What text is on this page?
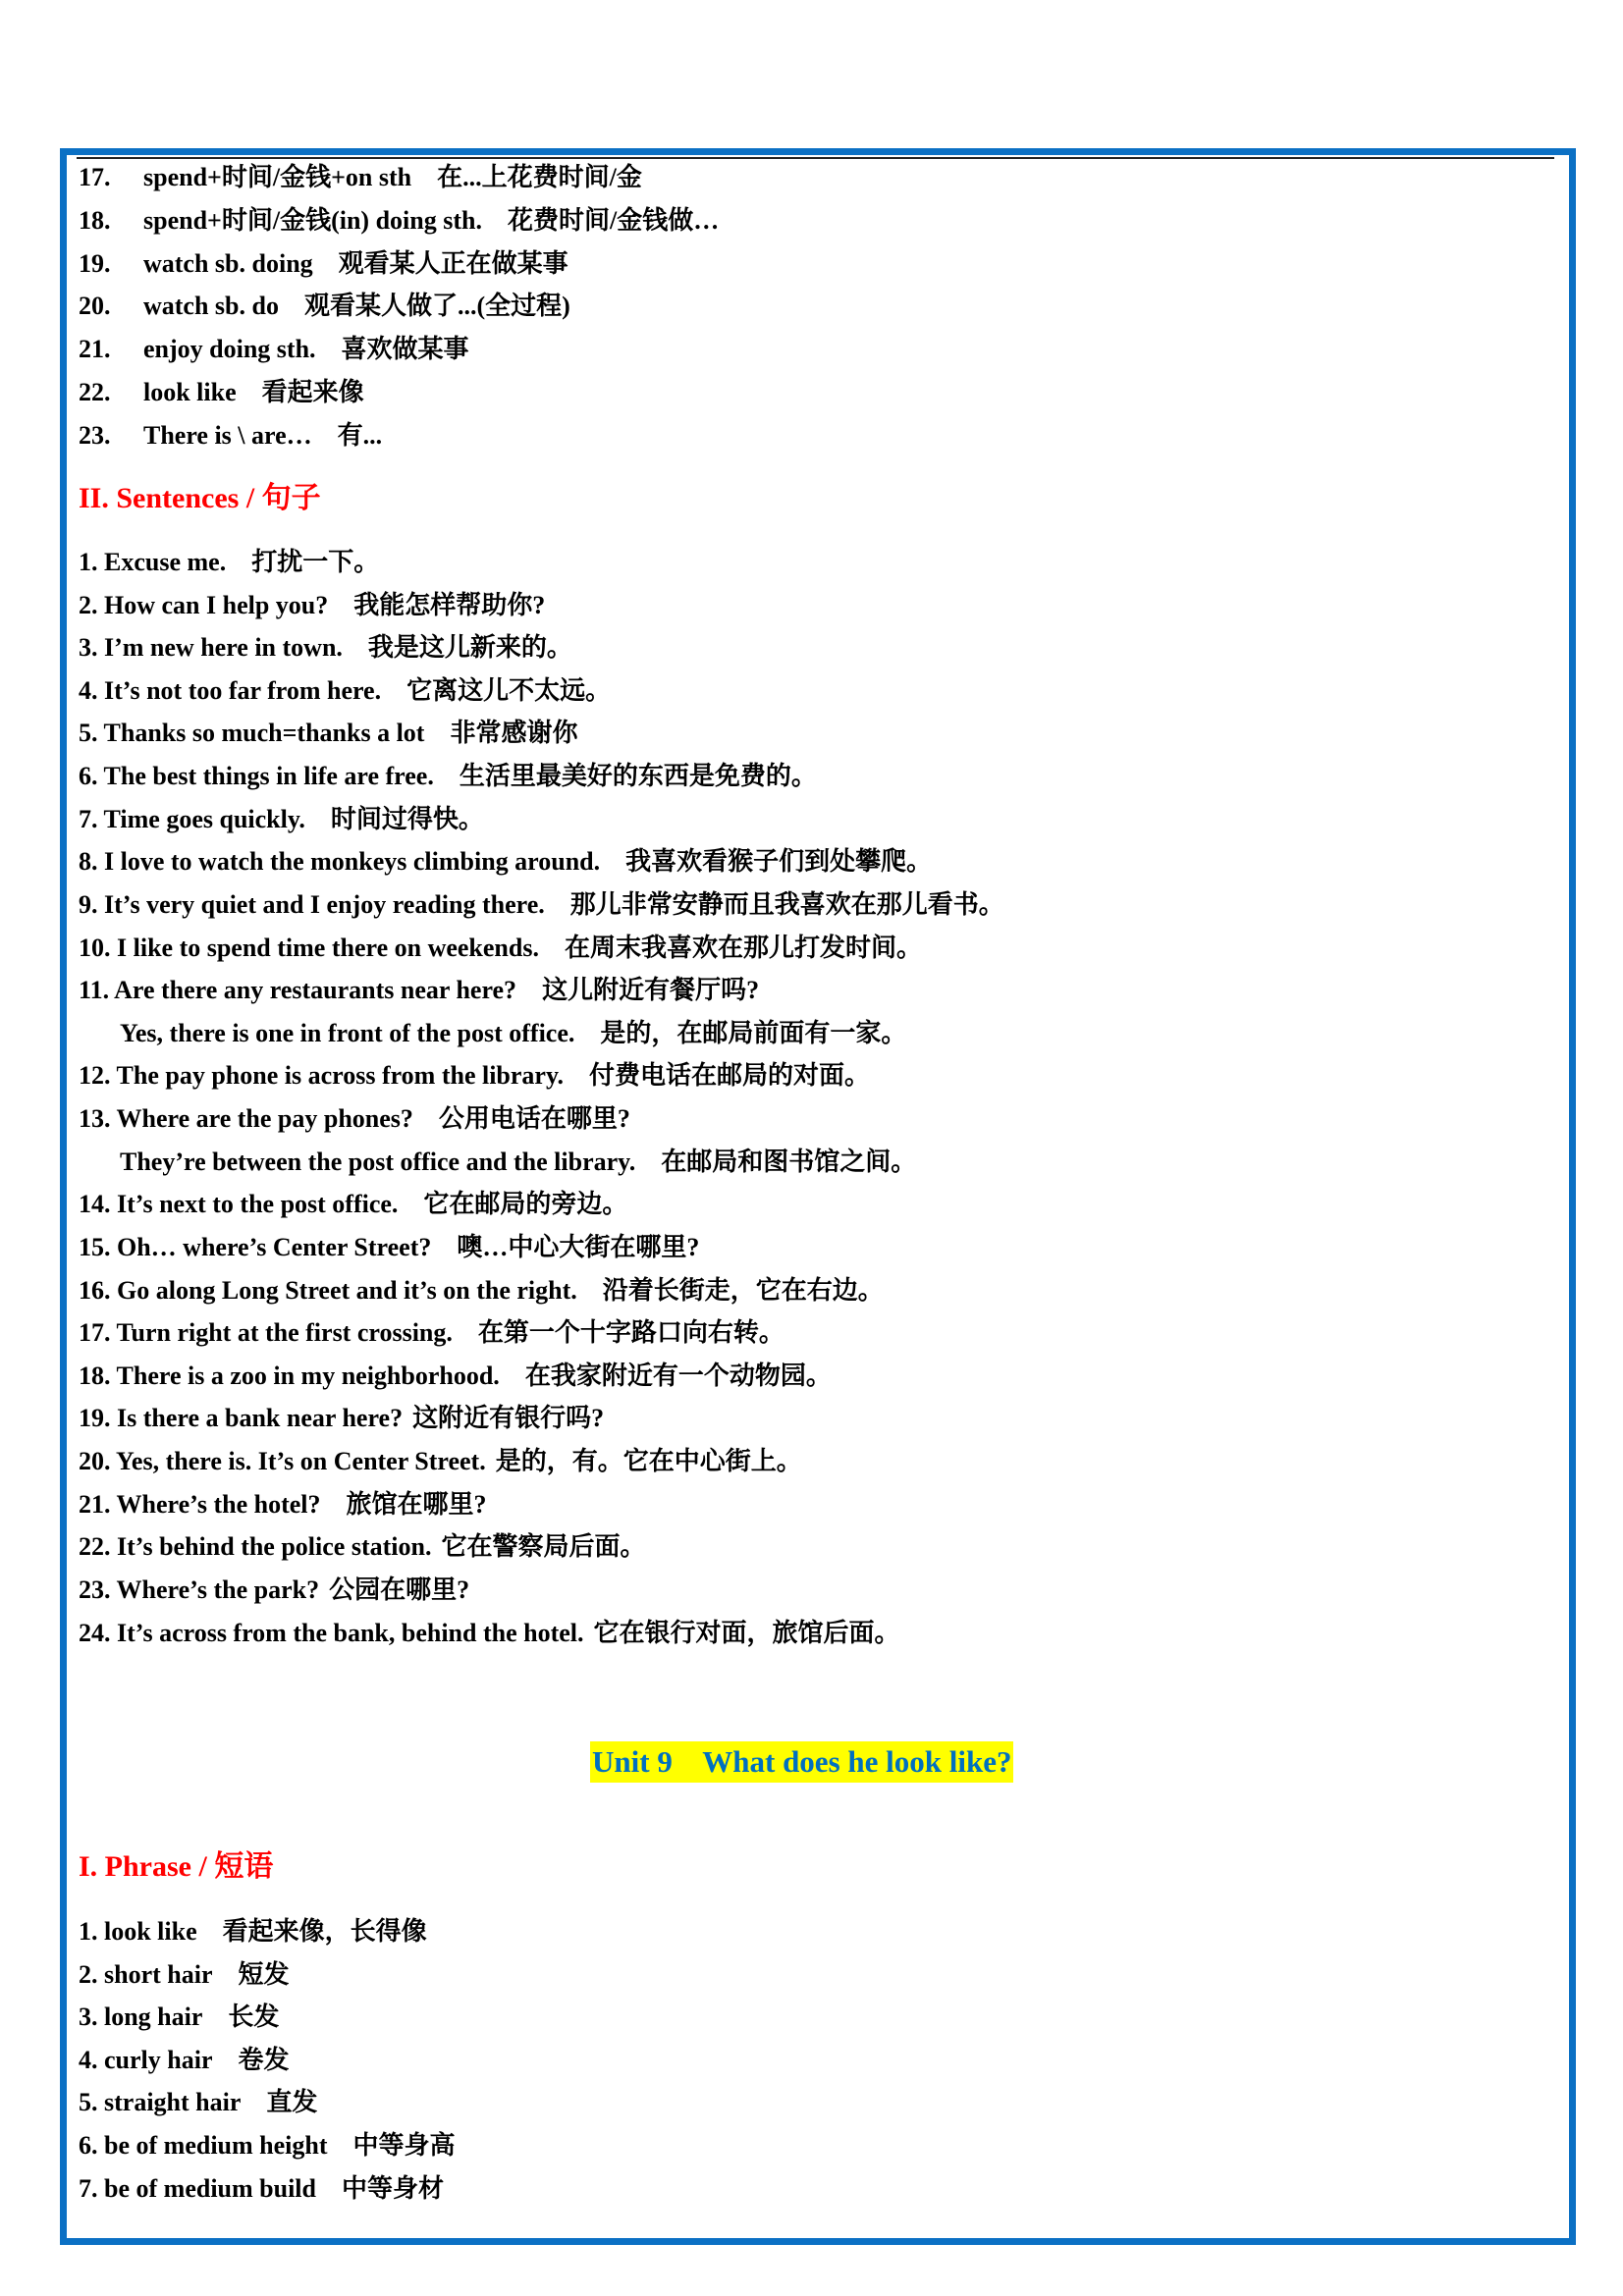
17. spend+时间/金钱+on sth 在...上花费时间/金
18. spend+时间/金钱(in) doing sth. 花费时间/金钱做…
19. watch sb. doing 观看某人正在做某事
20. watch sb. do 观看某人做了...(全过程)
21. enjoy doing sth. 喜欢做某事
22. look like 看起来像
23. There is \ are… 有...
II. Sentences / 句子
1. Excuse me. 打扰一下。
2. How can I help you? 我能怎样帮助你?
3. I’m new here in town. 我是这儿新来的。
4. It’s not too far from here. 它离这儿不太远。
5. Thanks so much=thanks a lot 非常感谢你
6. The best things in life are free. 生活里最美好的东西是免费的。
7. Time goes quickly. 时间过得快。
8. I love to watch the monkeys climbing around. 我喜欢看猴子们到处攀爬。
9. It’s very quiet and I enjoy reading there. 那儿非常安静而且我喜欢在那儿看书。
10. I like to spend time there on weekends. 在周末我喜欢在那儿打发时间。
11. Are there any restaurants near here? 这儿附近有餐厅吗?
Yes, there is one in front of the post office. 是的，在邮局前面有一家。
12. The pay phone is across from the library. 付费电话在邮局的对面。
13. Where are the pay phones? 公用电话在哪里?
They’re between the post office and the library. 在邮局和图书馆之间。
14. It’s next to the post office. 它在邮局的旁边。
15. Oh… where’s Center Street? 噢…中心大街在哪里?
16. Go along Long Street and it’s on the right. 沿着长街走，它在右边。
17. Turn right at the first crossing. 在第一个十字路口向右转。
18. There is a zoo in my neighborhood. 在我家附近有一个动物园。
19. Is there a bank near here? 这附近有银行吗?
20. Yes, there is. It’s on Center Street. 是的，有。它在中心街上。
21. Where’s the hotel? 旅馆在哪里?
22. It’s behind the police station. 它在警察局后面。
23. Where’s the park? 公园在哪里?
24. It’s across from the bank, behind the hotel. 它在银行对面，旅馆后面。
Unit 9    What does he look like?
I. Phrase / 短语
1. look like 看起来像，长得像
2. short hair 短发
3. long hair 长发
4. curly hair 卷发
5. straight hair 直发
6. be of medium height 中等身高
7. be of medium build 中等身材
